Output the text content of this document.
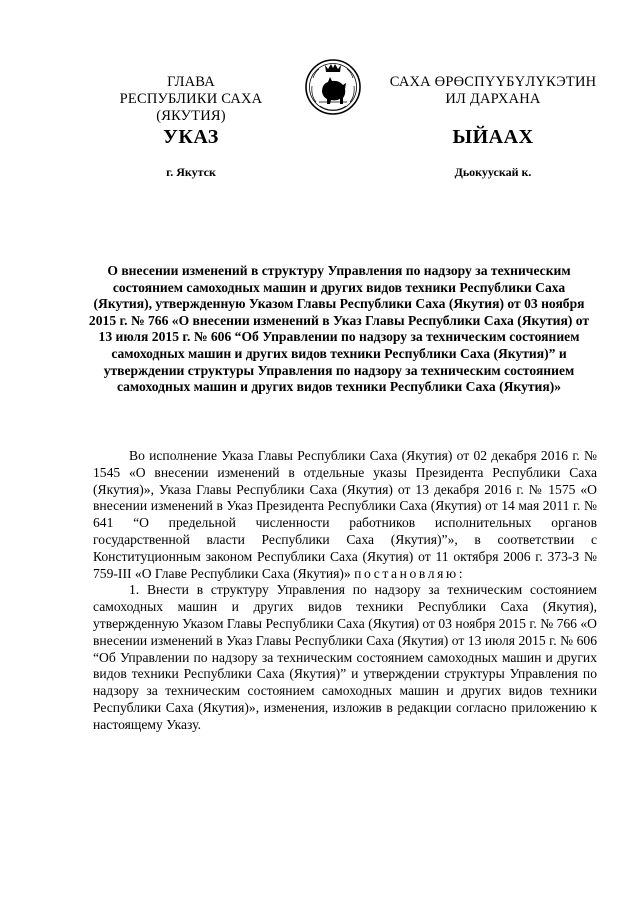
ГЛАВА
РЕСПУБЛИКИ САХА (ЯКУТИЯ)
САХА ӨРӨСПҮҮБҮЛҮКЭТИН
ИЛ ДАРХАНА
УКАЗ	ЫЙААХ
г. Якутск	Дьокуускай к.
О внесении изменений в структуру Управления по надзору за техническим состоянием самоходных машин и других видов техники Республики Саха (Якутия), утвержденную Указом Главы Республики Саха (Якутия) от 03 ноября 2015 г. № 766 «О внесении изменений в Указ Главы Республики Саха (Якутия) от 13 июля 2015 г. № 606 “Об Управлении по надзору за техническим состоянием самоходных машин и других видов техники Республики Саха (Якутия)” и утверждении структуры Управления по надзору за техническим состоянием самоходных машин и других видов техники Республики Саха (Якутия)»

Во исполнение Указа Главы Республики Саха (Якутия) от 02 декабря 2016 г. № 1545 «О внесении изменений в отдельные указы Президента Республики Саха (Якутия)», Указа Главы Республики Саха (Якутия) от 13 декабря 2016 г. № 1575 «О внесении изменений в Указ Президента Республики Саха (Якутия) от 14 мая 2011 г. № 641 “О предельной численности работников исполнительных органов государственной власти Республики Саха (Якутия)”», в соответствии с Конституционным законом Республики Саха (Якутия) от 11 октября 2006 г. 373-З № 759-III «О Главе Республики Саха (Якутия)» постановляю:

1. Внести в структуру Управления по надзору за техническим состоянием самоходных машин и других видов техники Республики Саха (Якутия), утвержденную Указом Главы Республики Саха (Якутия) от 03 ноября 2015 г. № 766 «О внесении изменений в Указ Главы Республики Саха (Якутия) от 13 июля 2015 г. № 606 “Об Управлении по надзору за техническим состоянием самоходных машин и других видов техники Республики Саха (Якутия)” и утверждении структуры Управления по надзору за техническим состоянием самоходных машин и других видов техники Республики Саха (Якутия)», изменения, изложив в редакции согласно приложению к настоящему Указу.
